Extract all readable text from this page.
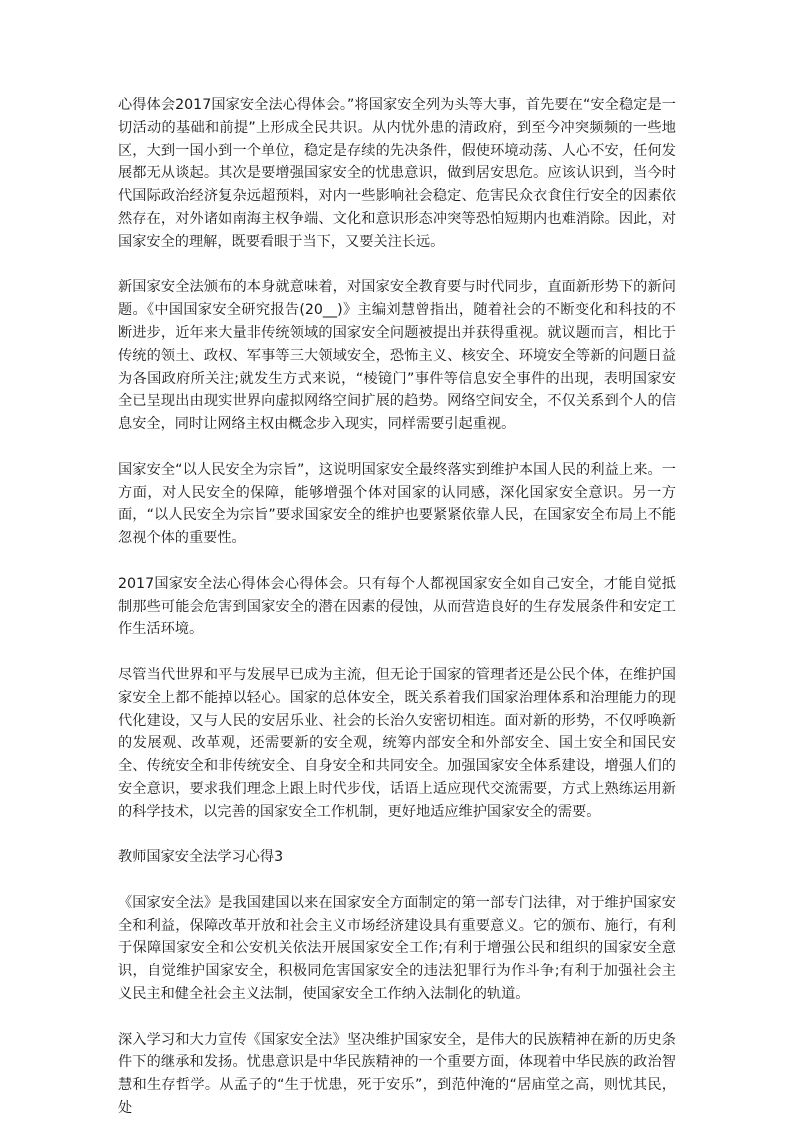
心得体会2017国家安全法心得体会。”将国家安全列为头等大事，首先要在“安全稳定是一切活动的基础和前提”上形成全民共识。从内忧外患的清政府，到至今冲突频频的一些地区，大到一国小到一个单位，稳定是存续的先决条件，假使环境动荡、人心不安，任何发展都无从谈起。其次是要增强国家安全的忧患意识，做到居安思危。应该认识到，当今时代国际政治经济复杂远超预料，对内一些影响社会稳定、危害民众衣食住行安全的因素依然存在，对外诸如南海主权争端、文化和意识形态冲突等恐怕短期内也难消除。因此，对国家安全的理解，既要看眼于当下，又要关注长远。

新国家安全法颁布的本身就意味着，对国家安全教育要与时代同步，直面新形势下的新问题。《中国国家安全研究报告(20__)》主编刘慧曾指出，随着社会的不断变化和科技的不断进步，近年来大量非传统领域的国家安全问题被提出并获得重视。就议题而言，相比于传统的领土、政权、军事等三大领域安全，恐怖主义、核安全、环境安全等新的问题日益为各国政府所关注;就发生方式来说，“棱镜门”事件等信息安全事件的出现，表明国家安全已呈现出由现实世界向虚拟网络空间扩展的趋势。网络空间安全，不仅关系到个人的信息安全，同时让网络主权由概念步入现实，同样需要引起重视。

国家安全“以人民安全为宗旨”，这说明国家安全最终落实到维护本国人民的利益上来。一方面，对人民安全的保障，能够增强个体对国家的认同感，深化国家安全意识。另一方面，“以人民安全为宗旨”要求国家安全的维护也要紧紧依靠人民，在国家安全布局上不能忽视个体的重要性。

2017国家安全法心得体会心得体会。只有每个人都视国家安全如自己安全，才能自觉抵制那些可能会危害到国家安全的潜在因素的侵蚀，从而营造良好的生存发展条件和安定工作生活环境。

尽管当代世界和平与发展早已成为主流，但无论于国家的管理者还是公民个体，在维护国家安全上都不能掉以轻心。国家的总体安全，既关系着我们国家治理体系和治理能力的现代化建设，又与人民的安居乐业、社会的长治久安密切相连。面对新的形势，不仅呼唤新的发展观、改革观，还需要新的安全观，统筹内部安全和外部安全、国土安全和国民安全、传统安全和非传统安全、自身安全和共同安全。加强国家安全体系建设，增强人们的安全意识，要求我们理念上跟上时代步伐，话语上适应现代交流需要，方式上熟练运用新的科学技术，以完善的国家安全工作机制，更好地适应维护国家安全的需要。

教师国家安全法学习心得3

《国家安全法》是我国建国以来在国家安全方面制定的第一部专门法律，对于维护国家安全和利益，保障改革开放和社会主义市场经济建设具有重要意义。它的颁布、施行，有利于保障国家安全和公安机关依法开展国家安全工作;有利于增强公民和组织的国家安全意识，自觉维护国家安全，积极同危害国家安全的违法犯罪行为作斗争;有利于加强社会主义民主和健全社会主义法制，使国家安全工作纳入法制化的轨道。

深入学习和大力宣传《国家安全法》坚决维护国家安全，是伟大的民族精神在新的历史条件下的继承和发扬。忧患意识是中华民族精神的一个重要方面，体现着中华民族的政治智慧和生存哲学。从孟子的“生于忧患，死于安乐”，到范仲淹的“居庙堂之高，则忧其民，处
